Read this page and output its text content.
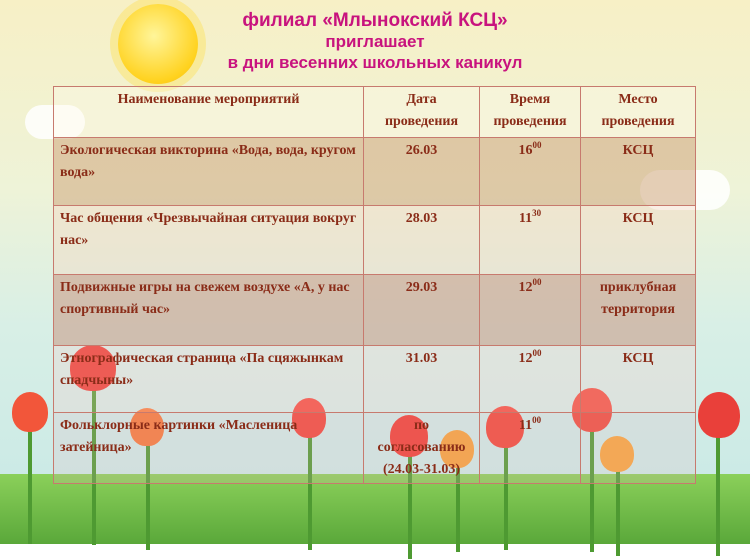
филиал «Млынокский КСЦ»
приглашает
в дни весенних школьных каникул
Наименование мероприятий	Дата проведения	Время проведения	Место проведения
Экологическая викторина «Вода, вода, кругом вода»	26.03	$16^{00}$	КСЦ
Час общения «Чрезвычайная ситуация вокруг нас»	28.03	$11^{30}$	КСЦ
Подвижные игры на свежем воздухе «А, у нас спортивный час»	29.03	$12^{00}$	приклубная территория
Этнографическая страница «Па сцяжынкам спадчыны»	31.03	$12^{00}$	КСЦ
Фольклорные картинки «Масленица затейница»	по согласованию (24.03-31.03)	$11^{00}$	
